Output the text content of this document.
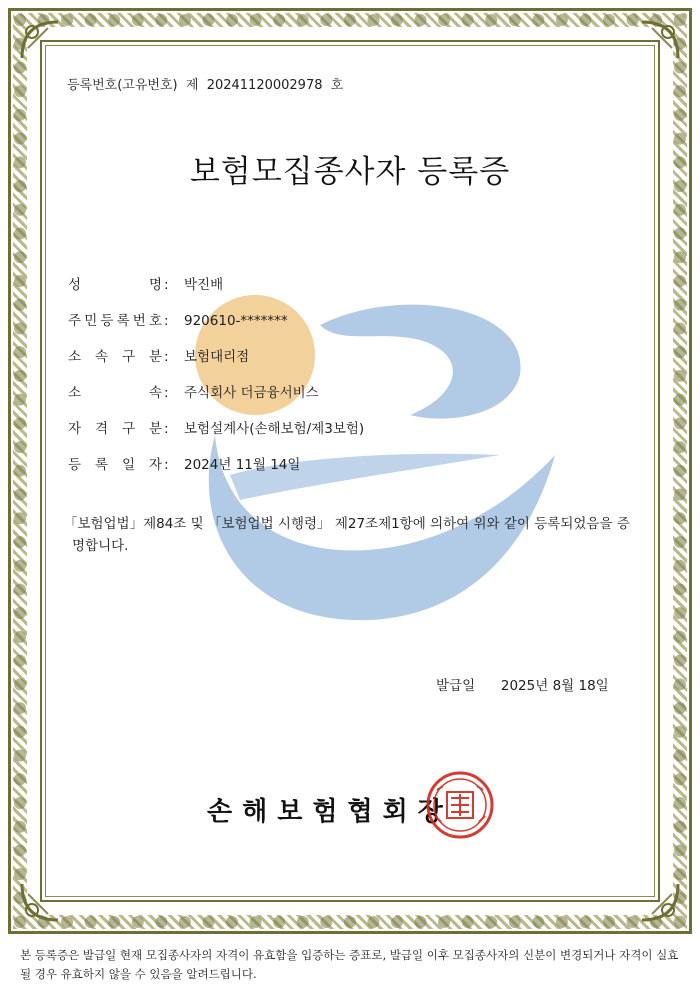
등록번호(고유번호) 제 20241120002978 호
보험모집종사자 등록증
성	명 :	박진배
주 민 등 록 번 호 :	920610-*******
소 속 구 분 :	보험대리점
소	속 :	주식회사 더금융서비스
자 격 구 분 :	보험설계사(손해보험/제3보험)
등 록 일 자 :	2024년 11월 14일
「보험업법」제84조 및 「보험업법 시행령」 제27조제1항에 의하여 위와 같이 등록되었음을 증명합니다.
발급일 2025년 8월 18일
손해보험협회장
본 등록증은 발급일 현재 모집종사자의 자격이 유효함을 입증하는 증표로, 발급일 이후 모집종사자의 신분이 변경되거나 자격이 실효될 경우 유효하지 않을 수 있음을 알려드립니다.
